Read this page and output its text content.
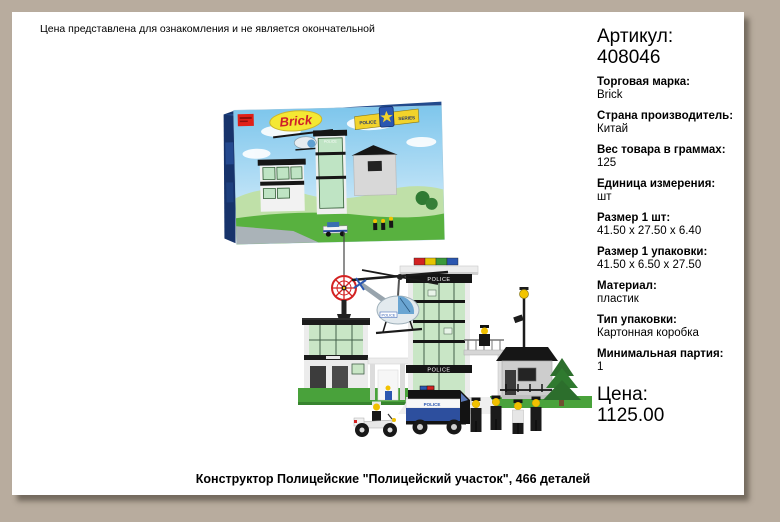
Цена представлена для ознакомления и не является окончательной
POLICE
Brick	POLICE
SERIES
POLICE
POLICE
POLICE
POLICE
Артикул:
408046
Торговая марка:
Brick
Страна производитель:
Китай
Вес товара в граммах:
125
Единица измерения:
шт
Размер 1 шт:
41.50 x 27.50 x 6.40
Размер 1 упаковки:
41.50 x 6.50 x 27.50
Материал:
пластик
Тип упаковки:
Картонная коробка
Минимальная партия:
1
Цена:
1125.00
Конструктор Полицейские "Полицейский участок", 466 деталей
